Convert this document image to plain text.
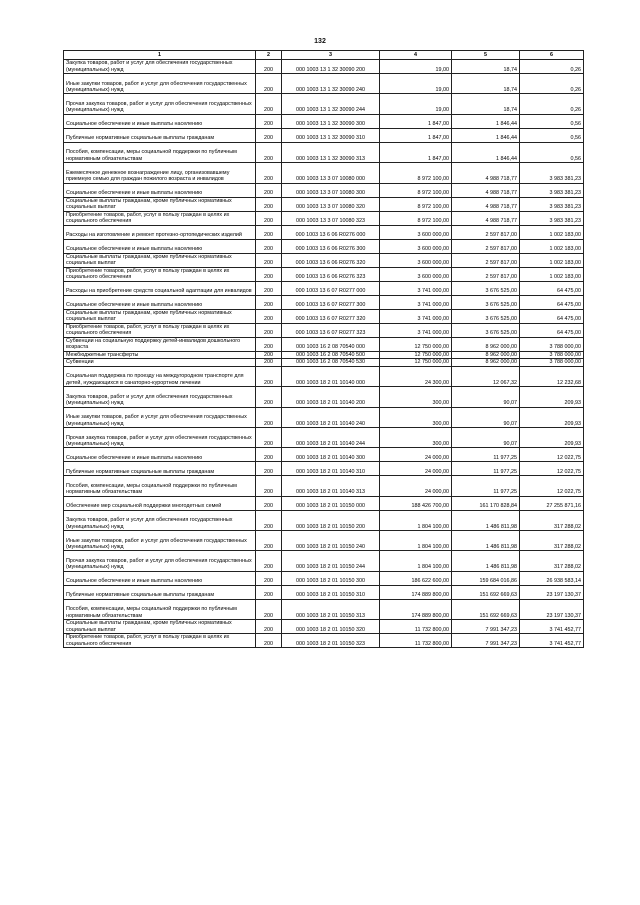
132
1	2	3	4	5	6
Закупка товаров, работ и услуг для обеспечения государственных (муниципальных) нужд	200	000 1003 13 1 32 30090 200	19,00	18,74	0,26
Иные закупки товаров, работ и услуг для обеспечения государственных (муниципальных) нужд	200	000 1003 13 1 32 30090 240	19,00	18,74	0,26
Прочая закупка товаров, работ и услуг для обеспечения государственных (муниципальных) нужд	200	000 1003 13 1 32 30090 244	19,00	18,74	0,26
Социальное обеспечение и иные выплаты населению	200	000 1003 13 1 32 30090 300	1 847,00	1 846,44	0,56
Публичные нормативные социальные выплаты гражданам	200	000 1003 13 1 32 30090 310	1 847,00	1 846,44	0,56
Пособия, компенсации, меры социальной поддержки по публичным нормативным обязательствам	200	000 1003 13 1 32 30090 313	1 847,00	1 846,44	0,56
Ежемесячное денежное вознаграждение лицу, организовавшему приемную семью для граждан пожилого возраста и инвалидов	200	000 1003 13 3 07 10080 000	8 972 100,00	4 988 718,77	3 983 381,23
Социальное обеспечение и иные выплаты населению	200	000 1003 13 3 07 10080 300	8 972 100,00	4 988 718,77	3 983 381,23
Социальные выплаты гражданам, кроме публичных нормативных социальных выплат	200	000 1003 13 3 07 10080 320	8 972 100,00	4 988 718,77	3 983 381,23
Приобретение товаров, работ, услуг в пользу граждан в целях их социального обеспечения	200	000 1003 13 3 07 10080 323	8 972 100,00	4 988 718,77	3 983 381,23
Расходы на изготовление и ремонт протезно-ортопедических изделий	200	000 1003 13 6 06 R0276 000	3 600 000,00	2 597 817,00	1 002 183,00
Социальное обеспечение и иные выплаты населению	200	000 1003 13 6 06 R0276 300	3 600 000,00	2 597 817,00	1 002 183,00
Социальные выплаты гражданам, кроме публичных нормативных социальных выплат	200	000 1003 13 6 06 R0276 320	3 600 000,00	2 597 817,00	1 002 183,00
Приобретение товаров, работ, услуг в пользу граждан в целях их социального обеспечения	200	000 1003 13 6 06 R0276 323	3 600 000,00	2 597 817,00	1 002 183,00
Расходы на приобретение средств социальной адаптации для инвалидов	200	000 1003 13 6 07 R0277 000	3 741 000,00	3 676 525,00	64 475,00
Социальное обеспечение и иные выплаты населению	200	000 1003 13 6 07 R0277 300	3 741 000,00	3 676 525,00	64 475,00
Социальные выплаты гражданам, кроме публичных нормативных социальных выплат	200	000 1003 13 6 07 R0277 320	3 741 000,00	3 676 525,00	64 475,00
Приобретение товаров, работ, услуг в пользу граждан в целях их социального обеспечения	200	000 1003 13 6 07 R0277 323	3 741 000,00	3 676 525,00	64 475,00
Субвенции на социальную поддержку детей-инвалидов дошкольного возраста	200	000 1003 16 2 08 70540 000	12 750 000,00	8 962 000,00	3 788 000,00
Межбюджетные трансферты	200	000 1003 16 2 08 70540 500	12 750 000,00	8 962 000,00	3 788 000,00
Субвенции	200	000 1003 16 2 08 70540 530	12 750 000,00	8 962 000,00	3 788 000,00
Социальная поддержка по проезду на междугородном транспорте для детей, нуждающихся в санаторно-курортном лечении	200	000 1003 18 2 01 10140 000	24 300,00	12 067,32	12 232,68
Закупка товаров, работ и услуг для обеспечения государственных (муниципальных) нужд	200	000 1003 18 2 01 10140 200	300,00	90,07	209,93
Иные закупки товаров, работ и услуг для обеспечения государственных (муниципальных) нужд	200	000 1003 18 2 01 10140 240	300,00	90,07	209,93
Прочая закупка товаров, работ и услуг для обеспечения государственных (муниципальных) нужд	200	000 1003 18 2 01 10140 244	300,00	90,07	209,93
Социальное обеспечение и иные выплаты населению	200	000 1003 18 2 01 10140 300	24 000,00	11 977,25	12 022,75
Публичные нормативные социальные выплаты гражданам	200	000 1003 18 2 01 10140 310	24 000,00	11 977,25	12 022,75
Пособия, компенсации, меры социальной поддержки по публичным нормативным обязательствам	200	000 1003 18 2 01 10140 313	24 000,00	11 977,25	12 022,75
Обеспечение мер социальной поддержки многодетных семей	200	000 1003 18 2 01 10150 000	188 426 700,00	161 170 828,84	27 255 871,16
Закупка товаров, работ и услуг для обеспечения государственных (муниципальных) нужд	200	000 1003 18 2 01 10150 200	1 804 100,00	1 486 811,98	317 288,02
Иные закупки товаров, работ и услуг для обеспечения государственных (муниципальных) нужд	200	000 1003 18 2 01 10150 240	1 804 100,00	1 486 811,98	317 288,02
Прочая закупка товаров, работ и услуг для обеспечения государственных (муниципальных) нужд	200	000 1003 18 2 01 10150 244	1 804 100,00	1 486 811,98	317 288,02
Социальное обеспечение и иные выплаты населению	200	000 1003 18 2 01 10150 300	186 622 600,00	159 684 016,86	26 938 583,14
Публичные нормативные социальные выплаты гражданам	200	000 1003 18 2 01 10150 310	174 889 800,00	151 692 669,63	23 197 130,37
Пособия, компенсации, меры социальной поддержки по публичным нормативным обязательствам	200	000 1003 18 2 01 10150 313	174 889 800,00	151 692 669,63	23 197 130,37
Социальные выплаты гражданам, кроме публичных нормативных социальных выплат	200	000 1003 18 2 01 10150 320	11 732 800,00	7 991 347,23	3 741 452,77
Приобретение товаров, работ, услуг в пользу граждан в целях их социального обеспечения	200	000 1003 18 2 01 10150 323	11 732 800,00	7 991 347,23	3 741 452,77
